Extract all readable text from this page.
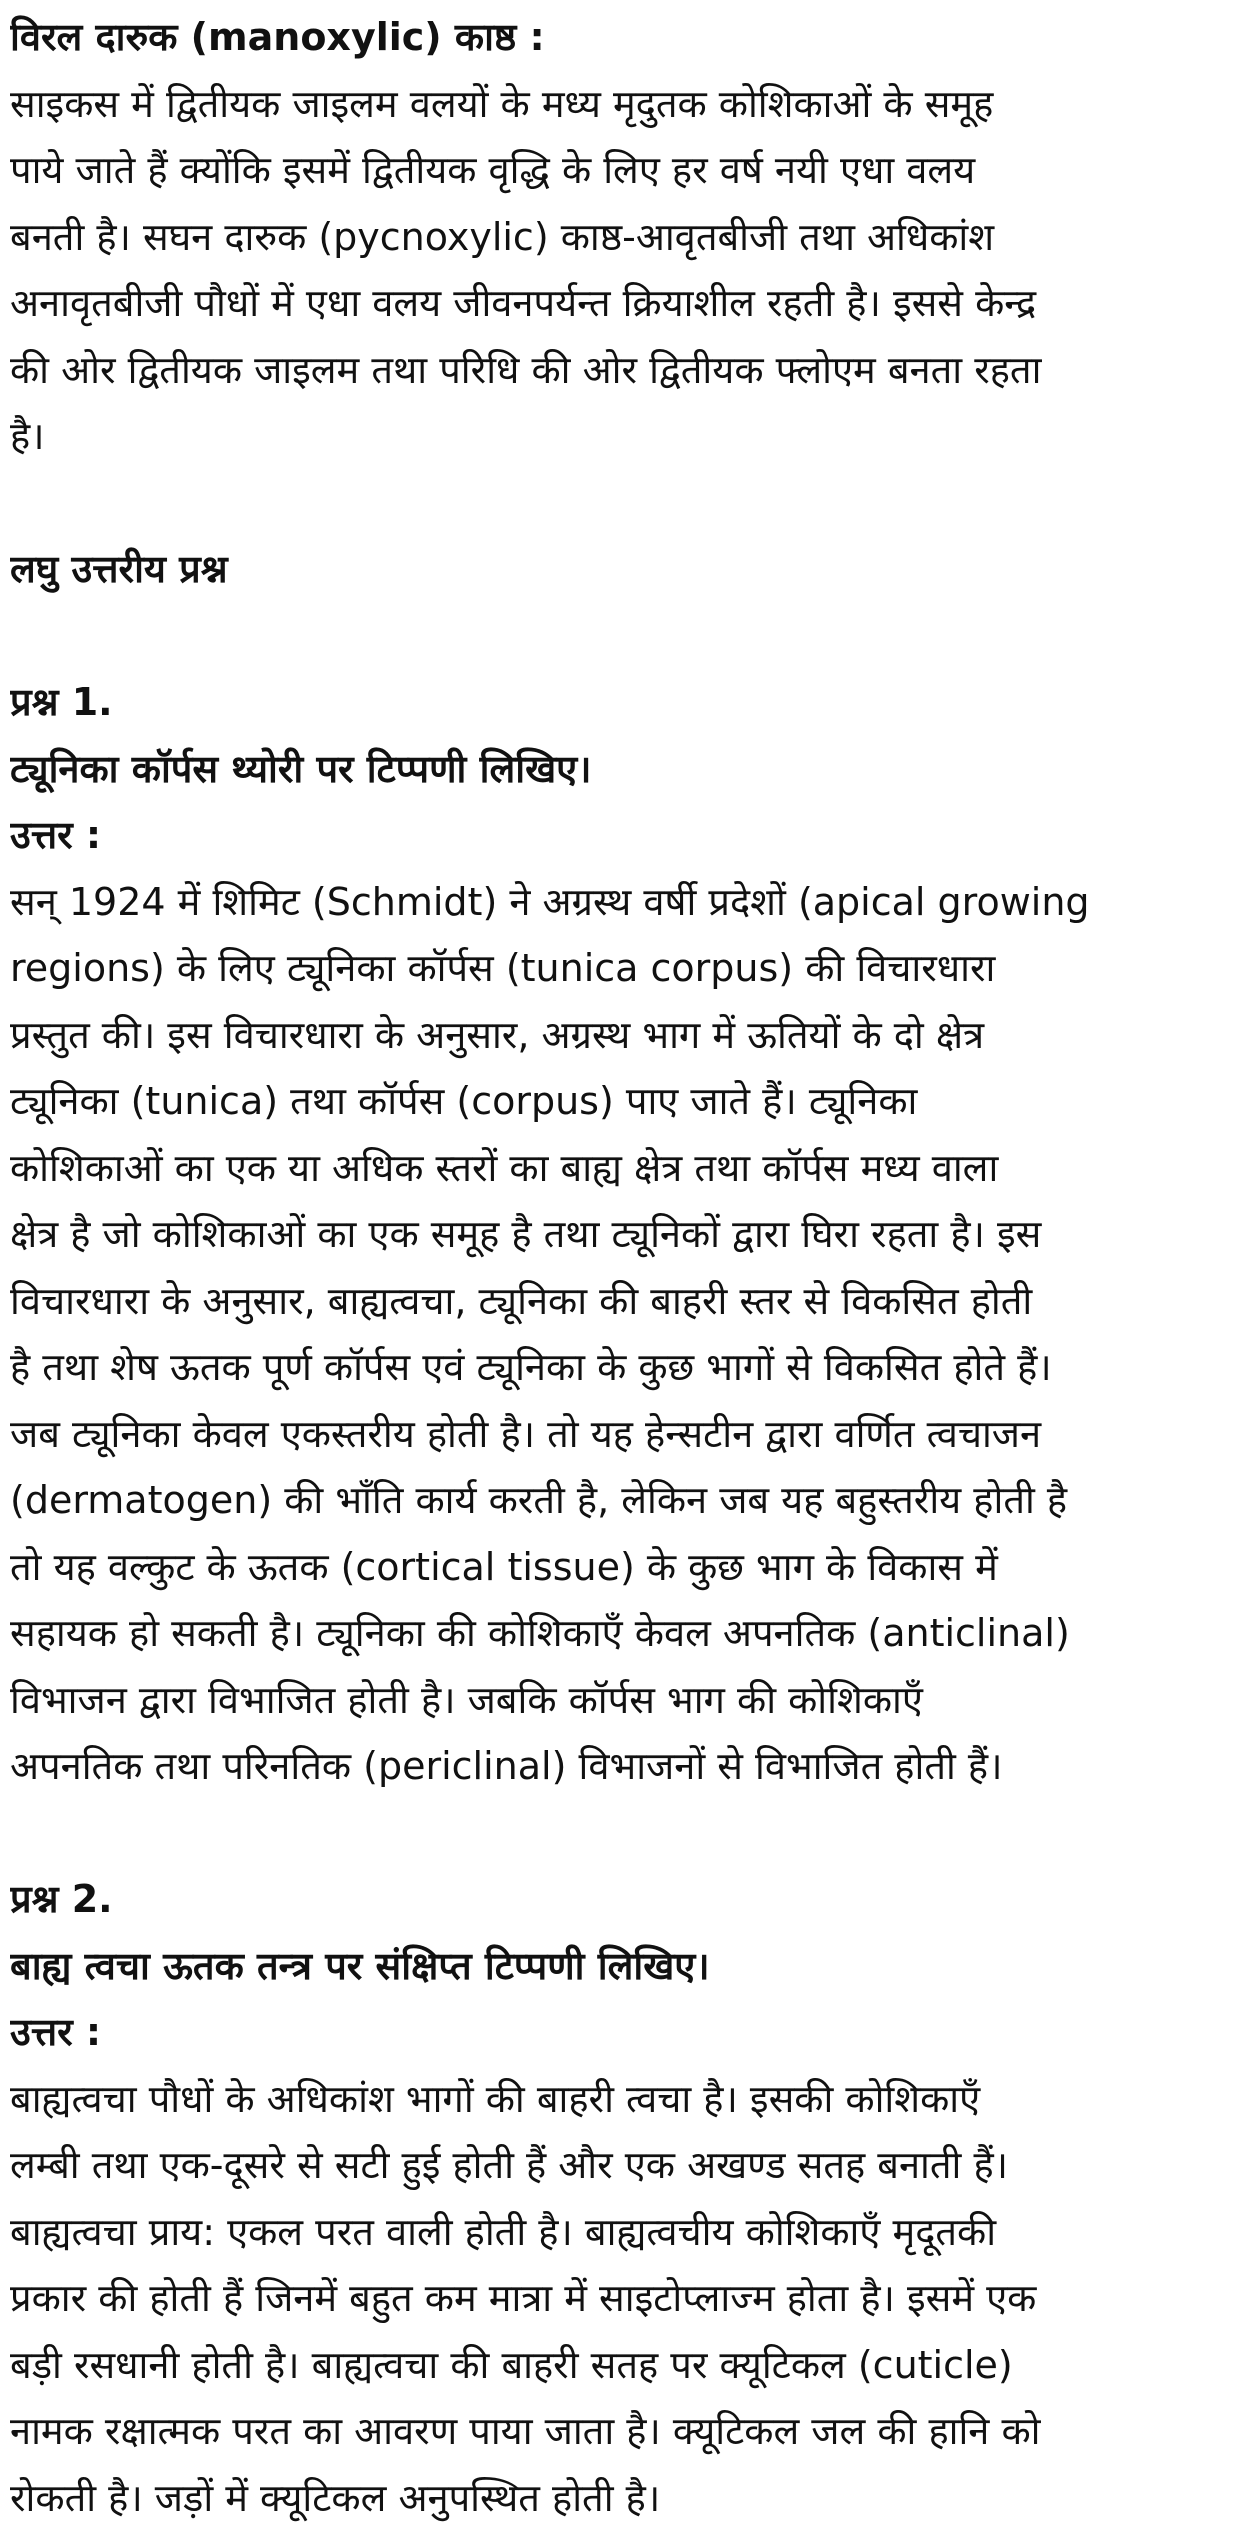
विरल दारुक (manoxylic) काष्ठ :
साइकस में द्वितीयक जाइलम वलयों के मध्य मृदुतक कोशिकाओं के समूह
पाये जाते हैं क्योंकि इसमें द्वितीयक वृद्धि के लिए हर वर्ष नयी एधा वलय
बनती है। सघन दारुक (pycnoxylic) काष्ठ-आवृतबीजी तथा अधिकांश
अनावृतबीजी पौधों में एधा वलय जीवनपर्यन्त क्रियाशील रहती है। इससे केन्द्र
की ओर द्वितीयक जाइलम तथा परिधि की ओर द्वितीयक फ्लोएम बनता रहता
है।
लघु उत्तरीय प्रश्न
प्रश्न 1.
ट्यूनिका कॉर्पस थ्योरी पर टिप्पणी लिखिए।
उत्तर :
सन् 1924 में शिमिट (Schmidt) ने अग्रस्थ वर्षी प्रदेशों (apical growing
regions) के लिए ट्यूनिका कॉर्पस (tunica corpus) की विचारधारा
प्रस्तुत की। इस विचारधारा के अनुसार, अग्रस्थ भाग में ऊतियों के दो क्षेत्र
ट्यूनिका (tunica) तथा कॉर्पस (corpus) पाए जाते हैं। ट्यूनिका
कोशिकाओं का एक या अधिक स्तरों का बाह्य क्षेत्र तथा कॉर्पस मध्य वाला
क्षेत्र है जो कोशिकाओं का एक समूह है तथा ट्यूनिकों द्वारा घिरा रहता है। इस
विचारधारा के अनुसार, बाह्यत्वचा, ट्यूनिका की बाहरी स्तर से विकसित होती
है तथा शेष ऊतक पूर्ण कॉर्पस एवं ट्यूनिका के कुछ भागों से विकसित होते हैं।
जब ट्यूनिका केवल एकस्तरीय होती है। तो यह हेन्सटीन द्वारा वर्णित त्वचाजन
(dermatogen) की भाँति कार्य करती है, लेकिन जब यह बहुस्तरीय होती है
तो यह वल्कुट के ऊतक (cortical tissue) के कुछ भाग के विकास में
सहायक हो सकती है। ट्यूनिका की कोशिकाएँ केवल अपनतिक (anticlinal)
विभाजन द्वारा विभाजित होती है। जबकि कॉर्पस भाग की कोशिकाएँ
अपनतिक तथा परिनतिक (periclinal) विभाजनों से विभाजित होती हैं।
प्रश्न 2.
बाह्य त्वचा ऊतक तन्त्र पर संक्षिप्त टिप्पणी लिखिए।
उत्तर :
बाह्यत्वचा पौधों के अधिकांश भागों की बाहरी त्वचा है। इसकी कोशिकाएँ
लम्बी तथा एक-दूसरे से सटी हुई होती हैं और एक अखण्ड सतह बनाती हैं।
बाह्यत्वचा प्राय: एकल परत वाली होती है। बाह्यत्वचीय कोशिकाएँ मृदूतकी
प्रकार की होती हैं जिनमें बहुत कम मात्रा में साइटोप्लाज्म होता है। इसमें एक
बड़ी रसधानी होती है। बाह्यत्वचा की बाहरी सतह पर क्यूटिकल (cuticle)
नामक रक्षात्मक परत का आवरण पाया जाता है। क्यूटिकल जल की हानि को
रोकती है। जड़ों में क्यूटिकल अनुपस्थित होती है।
